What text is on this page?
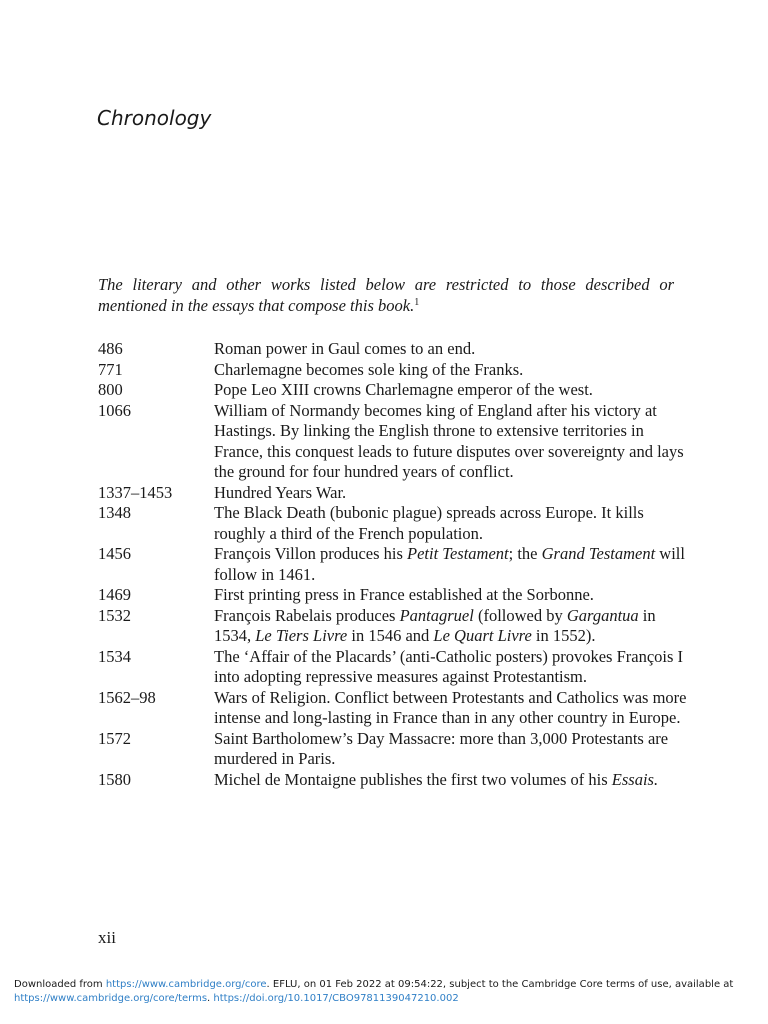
Chronology

The literary and other works listed below are restricted to those described or mentioned in the essays that compose this book.$^1$

486	Roman power in Gaul comes to an end.
771	Charlemagne becomes sole king of the Franks.
800	Pope Leo XIII crowns Charlemagne emperor of the west.
1066	William of Normandy becomes king of England after his victory at Hastings. By linking the English throne to extensive territories in France, this conquest leads to future disputes over sovereignty and lays the ground for four hundred years of conflict.
1337–1453	Hundred Years War.
1348	The Black Death (bubonic plague) spreads across Europe. It kills roughly a third of the French population.
1456	François Villon produces his Petit Testament; the Grand Testament will follow in 1461.
1469	First printing press in France established at the Sorbonne.
1532	François Rabelais produces Pantagruel (followed by Gargantua in 1534, Le Tiers Livre in 1546 and Le Quart Livre in 1552).
1534	The ‘Affair of the Placards’ (anti-Catholic posters) provokes François I into adopting repressive measures against Protestantism.
1562–98	Wars of Religion. Conflict between Protestants and Catholics was more intense and long-lasting in France than in any other country in Europe.
1572	Saint Bartholomew’s Day Massacre: more than 3,000 Protestants are murdered in Paris.
1580	Michel de Montaigne publishes the first two volumes of his Essais.
xii
Downloaded from https://www.cambridge.org/core. EFLU, on 01 Feb 2022 at 09:54:22, subject to the Cambridge Core terms of use, available at
https://www.cambridge.org/core/terms. https://doi.org/10.1017/CBO9781139047210.002
